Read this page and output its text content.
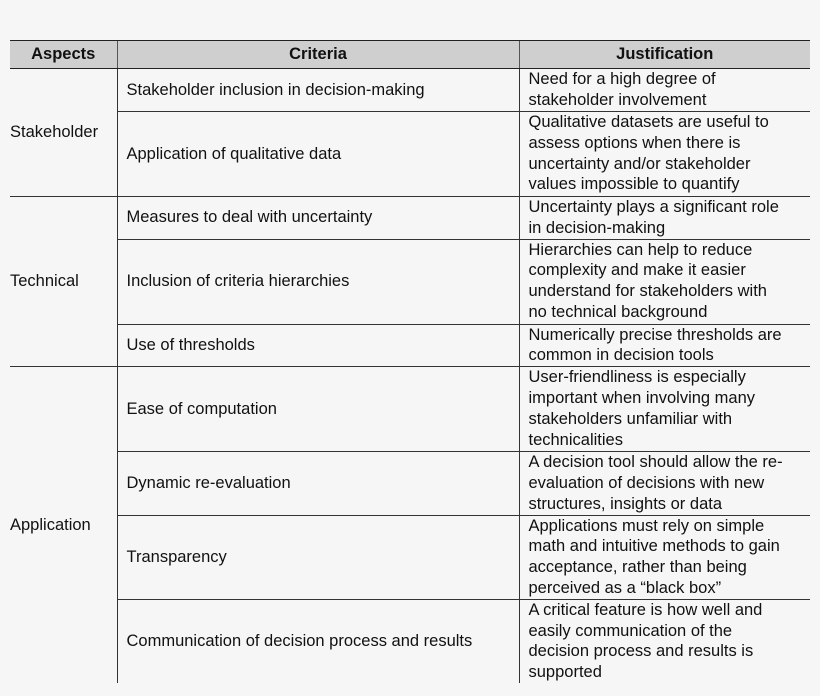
Aspects	Criteria	Justification
Stakeholder	Stakeholder inclusion in decision-making	Need for a high degree of
stakeholder involvement

	Application of qualitative data	Qualitative datasets are useful to
assess options when there is
uncertainty and/or stakeholder
values impossible to quantify

Technical	Measures to deal with uncertainty	Uncertainty plays a significant role
in decision-making

	Inclusion of criteria hierarchies	Hierarchies can help to reduce
complexity and make it easier
understand for stakeholders with
no technical background

	Use of thresholds	Numerically precise thresholds are
common in decision tools

Application	Ease of computation	User-friendliness is especially
important when involving many
stakeholders unfamiliar with
technicalities

	Dynamic re-evaluation	A decision tool should allow the re-
evaluation of decisions with new
structures, insights or data

	Transparency	Applications must rely on simple
math and intuitive methods to gain
acceptance, rather than being
perceived as a “black box”

	Communication of decision process and results	A critical feature is how well and
easily communication of the
decision process and results is
supported
